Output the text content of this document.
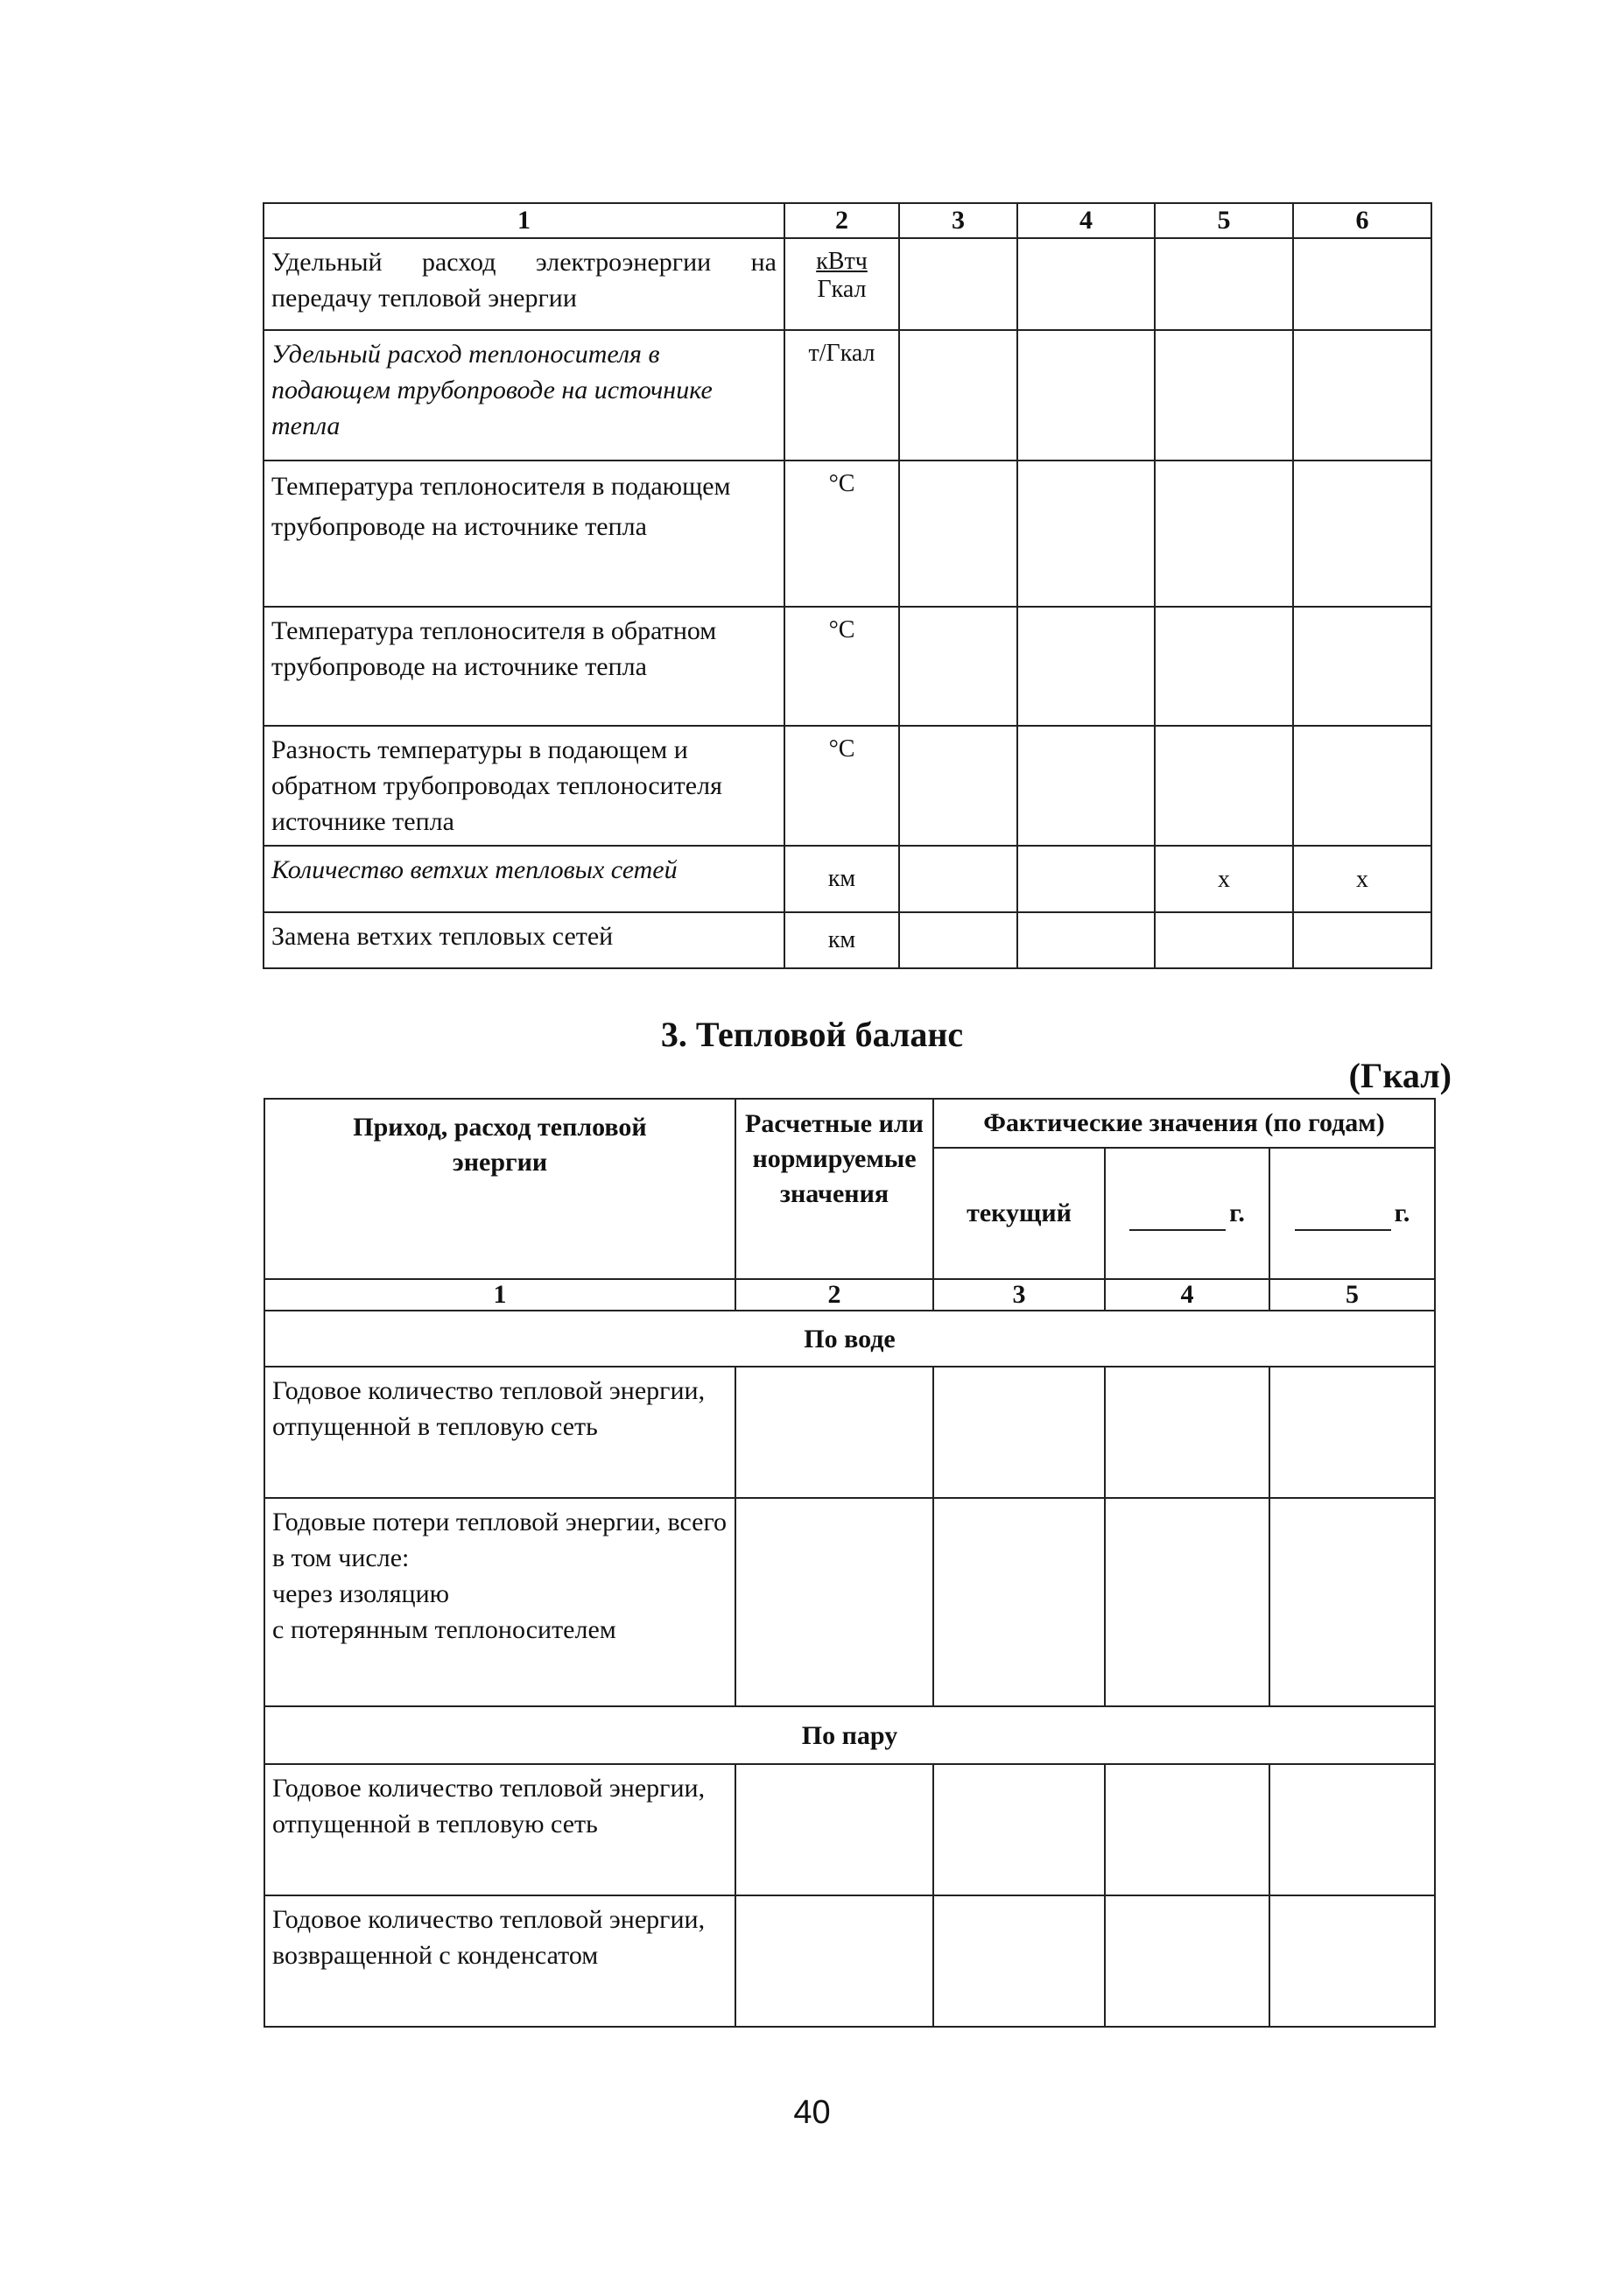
1	2	3	4	5	6
Удельный расход электроэнергии на передачу тепловой энергии	$\frac{\text{кВтч}}{\text{Гкал}}$

Удельный расход теплоносителя в подающем трубопроводе на источнике тепла	т/Гкал				
Температура теплоносителя в подающем трубопроводе на источнике тепла	°С				
Температура теплоносителя в обратном трубопроводе на источнике тепла	°С				
Разность температуры в подающем и обратном трубопроводах теплоносителя источнике тепла	°С				
Количество ветхих тепловых сетей	км			х	х
Замена ветхих тепловых сетей	км				
3. Тепловой баланс
(Гкал)
Приход, расход тепловой энергии	Расчетные или нормируемые значения	Фактические значения (по годам)		
		текущий	г.	г.
1	2	3	4	5
По воде				
Годовое количество тепловой энергии, отпущенной в тепловую сеть				

Годовые потери тепловой энергии, всего
в том числе:
через изоляцию
с потерянным теплоносителем				

По пару				
Годовое количество тепловой энергии, отпущенной в тепловую сеть				
Годовое количество тепловой энергии, возвращенной с конденсатом				
40
